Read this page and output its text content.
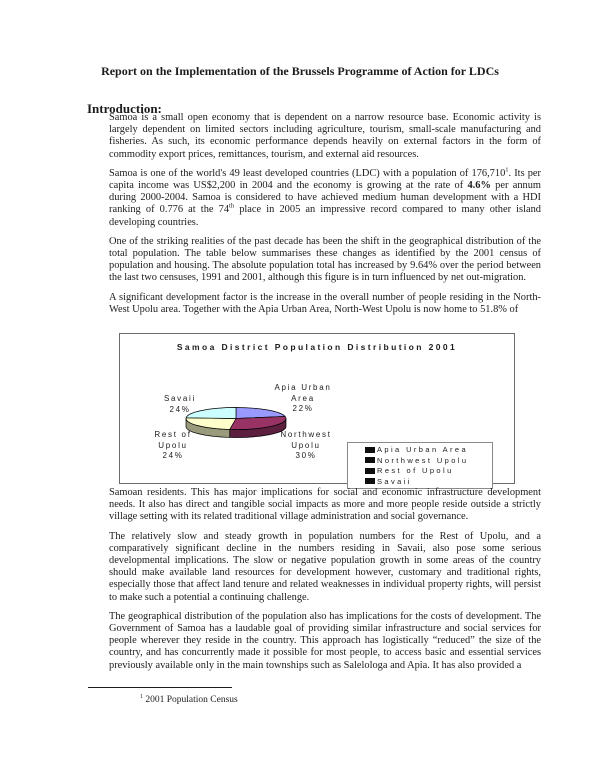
Report on the Implementation of the Brussels Programme of Action for LDCs
Introduction:

Samoa is a small open economy that is dependent on a narrow resource base. Economic activity is largely dependent on limited sectors including agriculture, tourism, small-scale manufacturing and fisheries. As such, its economic performance depends heavily on external factors in the form of commodity export prices, remittances, tourism, and external aid resources.

Samoa is one of the world's 49 least developed countries (LDC) with a population of 176,710$^1$. Its per capita income was US$2,200 in 2004 and the economy is growing at the rate of 4.6% per annum during 2000-2004. Samoa is considered to have achieved medium human development with a HDI ranking of 0.776 at the 74th place in 2005 an impressive record compared to many other island developing countries.

One of the striking realities of the past decade has been the shift in the geographical distribution of the total population. The table below summarises these changes as identified by the 2001 census of population and housing. The absolute population total has increased by 9.64% over the period between the last two censuses, 1991 and 2001, although this figure is in turn influenced by net out-migration.

A significant development factor is the increase in the overall number of people residing in the North-West Upolu area. Together with the Apia Urban Area, North-West Upolu is now home to 51.8% of

Samoa District Population Distribution 2001
Apia Urban
Area
22%
Northwest
Upolu
30%
Rest of
Upolu
24%
Savaii
24%
Apia Urban Area
Northwest Upolu
Rest of Upolu
Savaii

Samoan residents. This has major implications for social and economic infrastructure development needs. It also has direct and tangible social impacts as more and more people reside outside a strictly village setting with its related traditional village administration and social governance.

The relatively slow and steady growth in population numbers for the Rest of Upolu, and a comparatively significant decline in the numbers residing in Savaii, also pose some serious developmental implications. The slow or negative population growth in some areas of the country should make available land resources for development however, customary and traditional rights, especially those that affect land tenure and related weaknesses in individual property rights, will persist to make such a potential a continuing challenge.

The geographical distribution of the population also has implications for the costs of development. The Government of Samoa has a laudable goal of providing similar infrastructure and social services for people wherever they reside in the country. This approach has logistically “reduced” the size of the country, and has concurrently made it possible for most people, to access basic and essential services previously available only in the main townships such as Salelologa and Apia. It has also provided a

$^1$ 2001 Population Census
